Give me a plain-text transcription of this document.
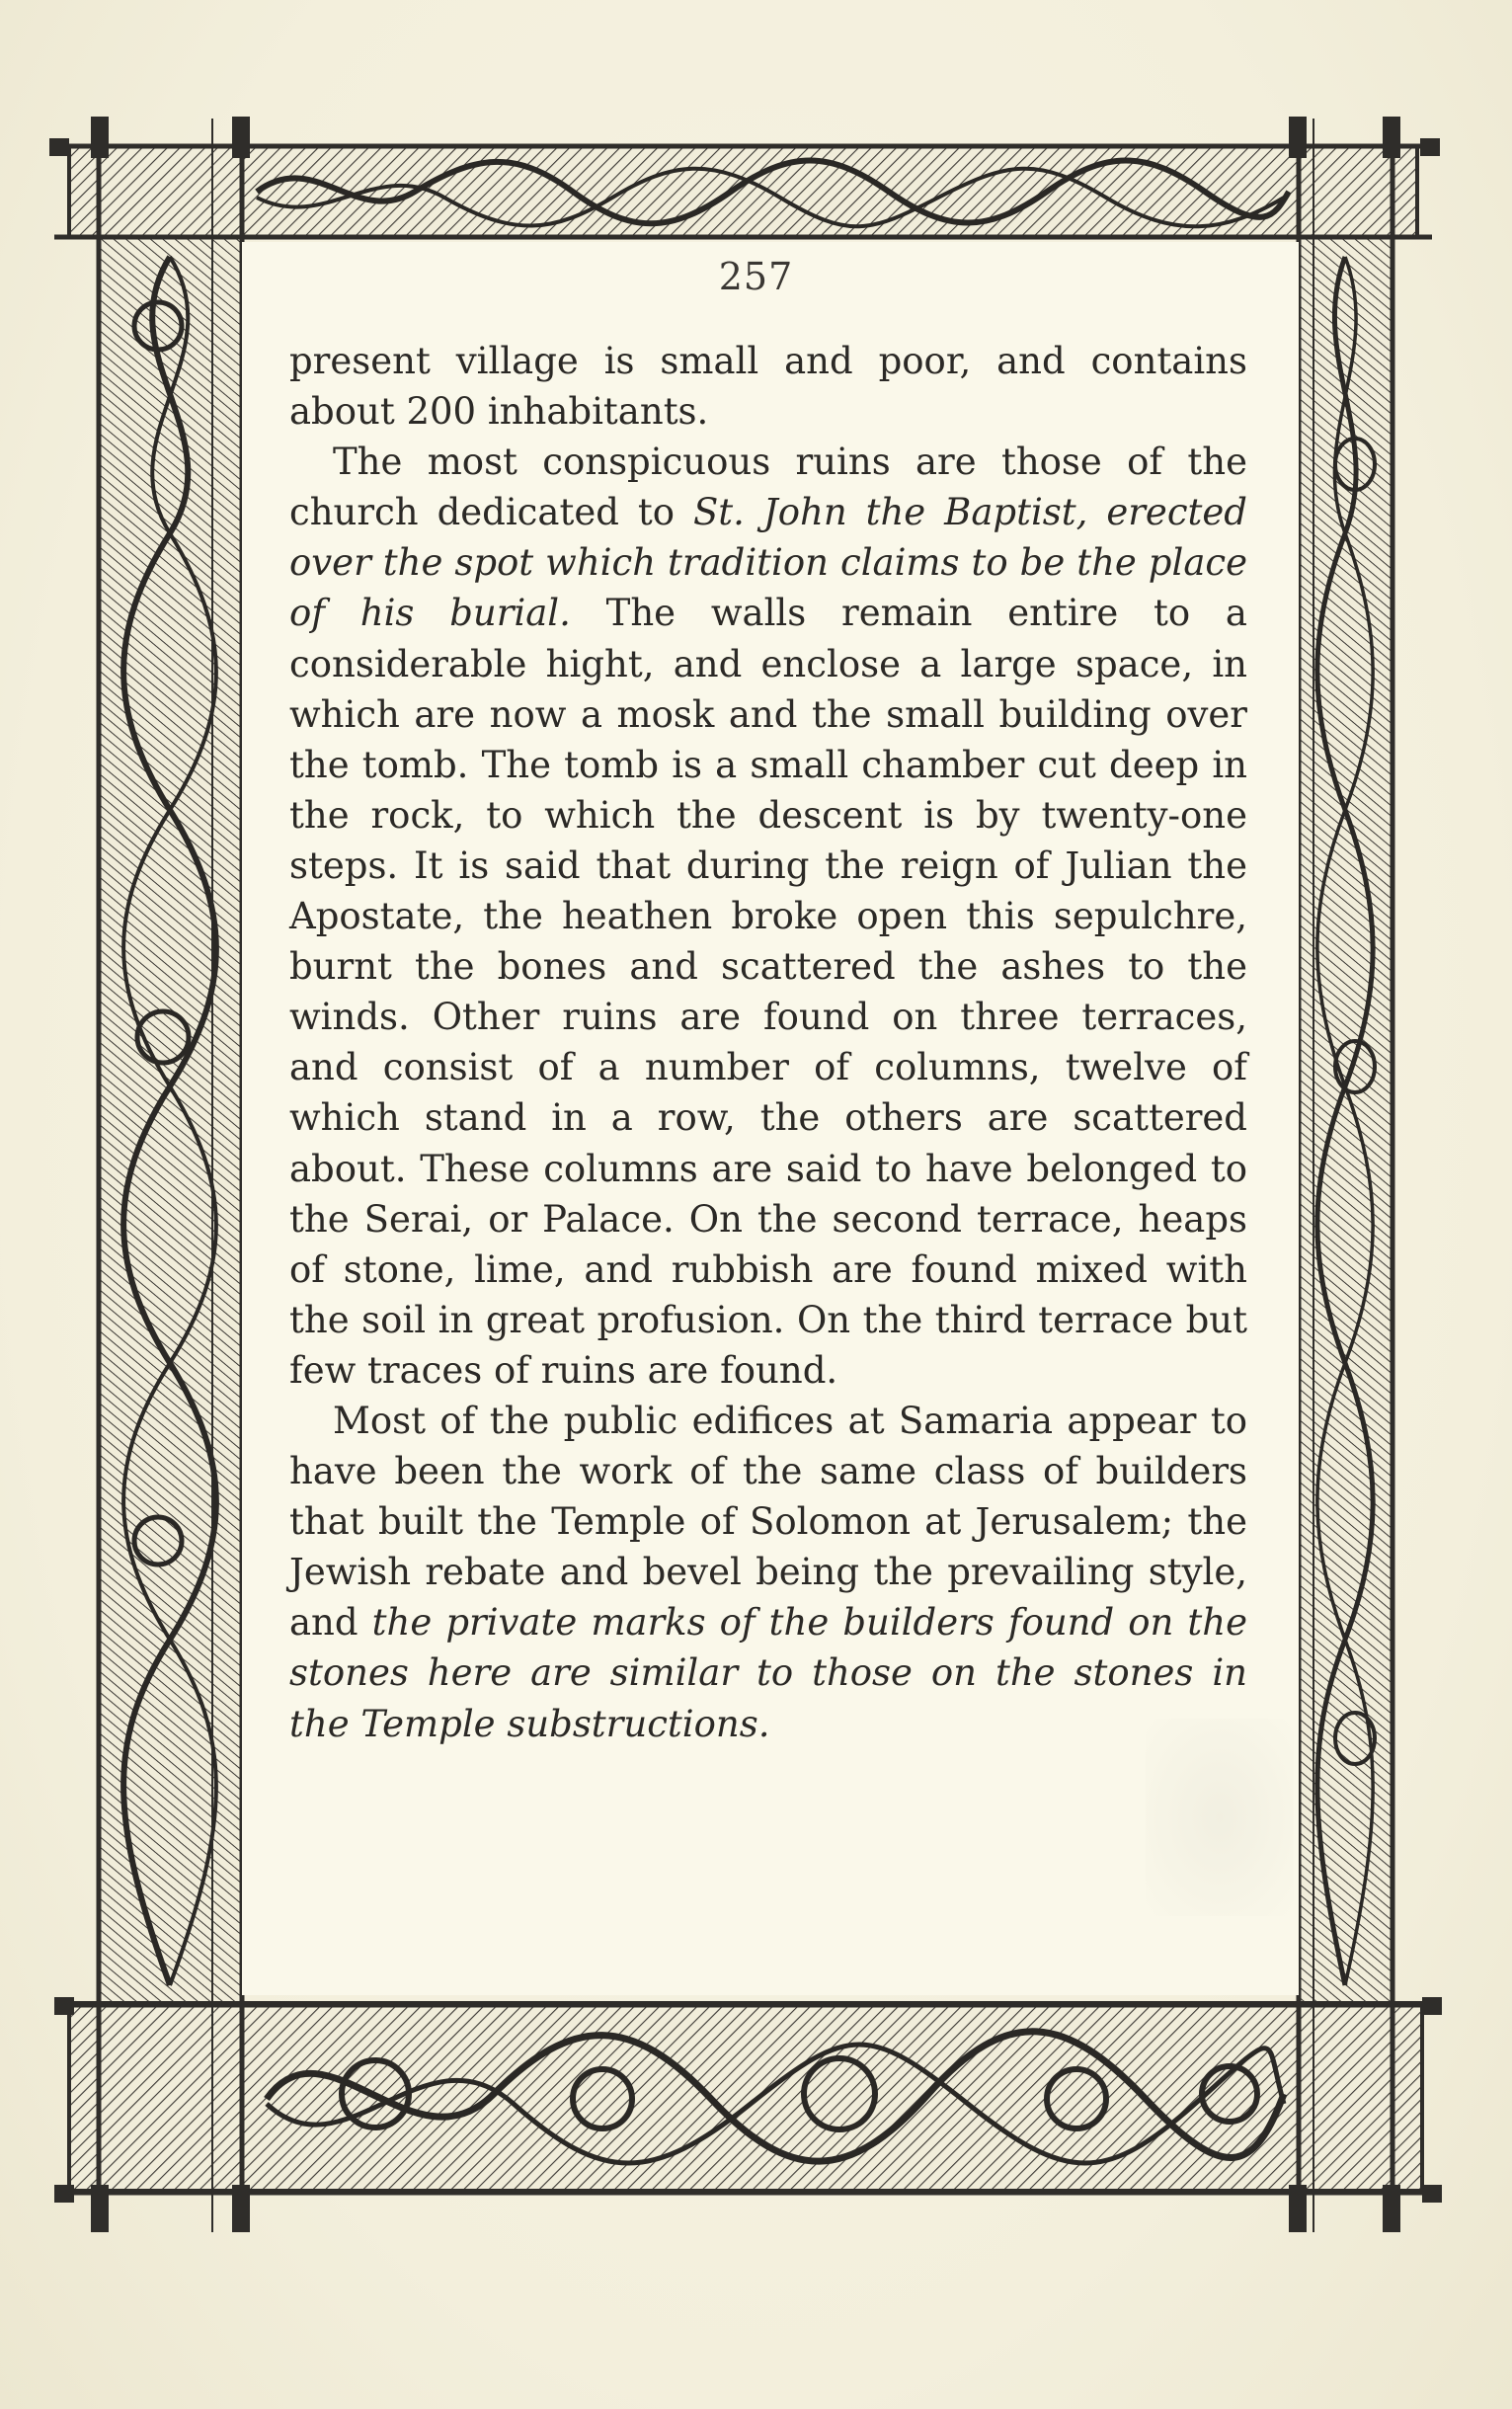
257

present village is small and poor, and contains about 200 inhabitants.

The most conspicuous ruins are those of the church dedicated to St. John the Baptist, erected over the spot which tradition claims to be the place of his burial. The walls remain entire to a considerable hight, and enclose a large space, in which are now a mosk and the small building over the tomb. The tomb is a small chamber cut deep in the rock, to which the descent is by twenty-one steps. It is said that during the reign of Julian the Apostate, the heathen broke open this sepulchre, burnt the bones and scattered the ashes to the winds. Other ruins are found on three terraces, and consist of a number of columns, twelve of which stand in a row, the others are scattered about. These columns are said to have belonged to the Serai, or Palace. On the second terrace, heaps of stone, lime, and rubbish are found mixed with the soil in great profusion. On the third terrace but few traces of ruins are found.

Most of the public edifices at Samaria appear to have been the work of the same class of builders that built the Temple of Solomon at Jerusalem; the Jewish rebate and bevel being the prevailing style, and the private marks of the builders found on the stones here are similar to those on the stones in the Temple substructions.
